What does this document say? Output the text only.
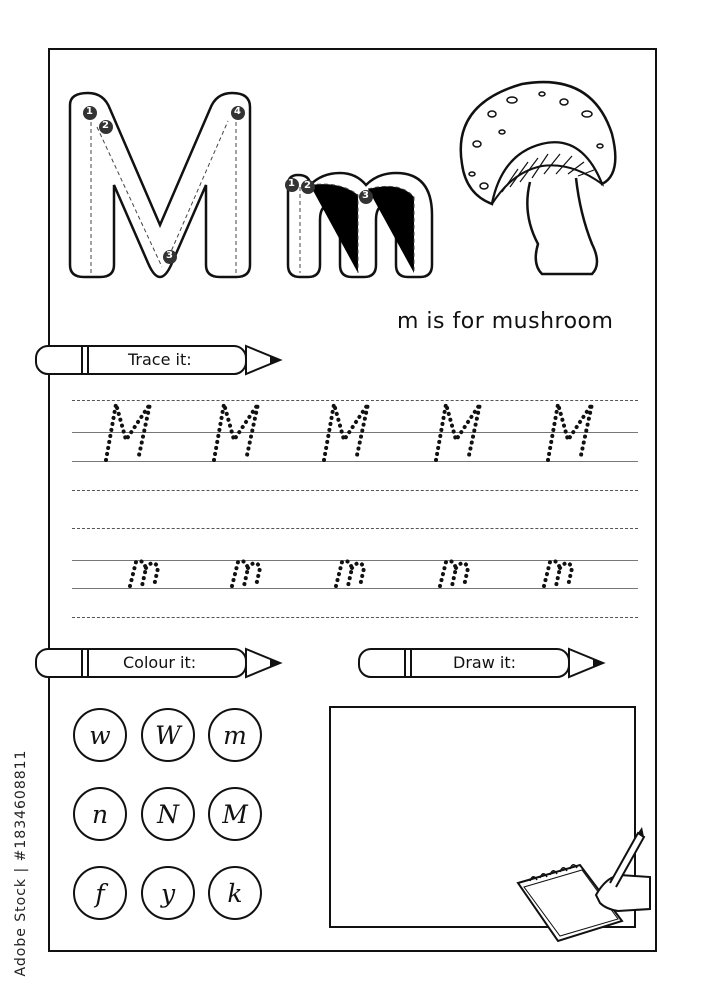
1
2
3
4
1 2
3
m is for mushroom
Trace it:
Colour it:	Draw it:
w	W	m
n	N	M
f	y	k
Adobe Stock | #1834608811
